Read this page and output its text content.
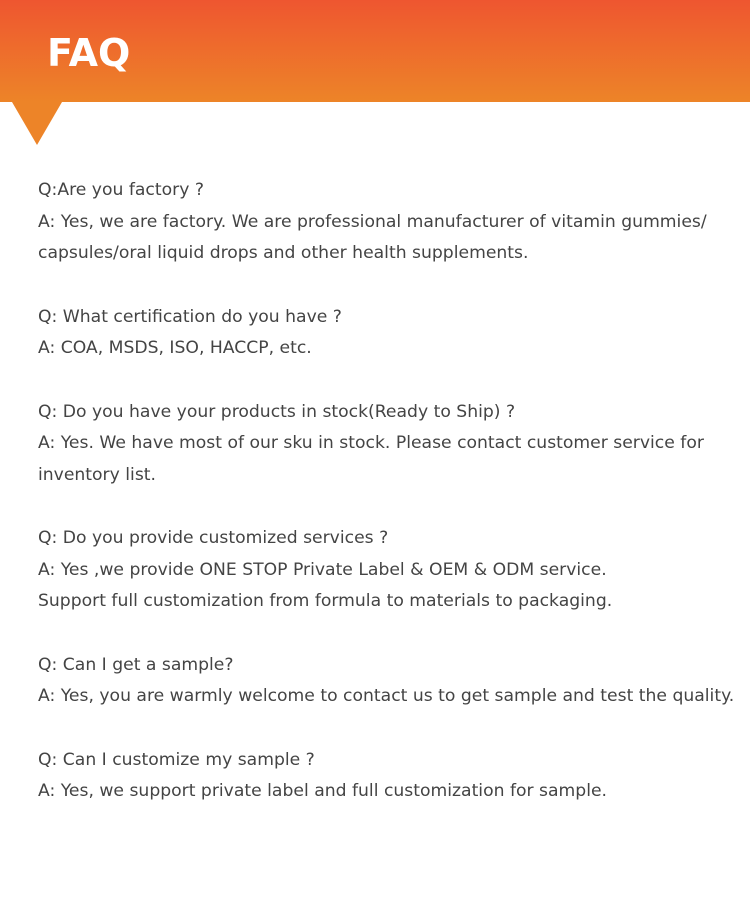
FAQ
Q:Are you factory ?
A: Yes, we are factory. We are professional manufacturer of vitamin gummies/
capsules/oral liquid drops and other health supplements.
Q: What certification do you have ?
A: COA, MSDS, ISO, HACCP, etc.
Q: Do you have your products in stock(Ready to Ship) ?
A: Yes. We have most of our sku in stock. Please contact customer service for
inventory list.
Q: Do you provide customized services ?
A: Yes ,we provide ONE STOP Private Label & OEM & ODM service.
Support full customization from formula to materials to packaging.
Q: Can I get a sample?
A: Yes, you are warmly welcome to contact us to get sample and test the quality.
Q: Can I customize my sample ?
A: Yes, we support private label and full customization for sample.
